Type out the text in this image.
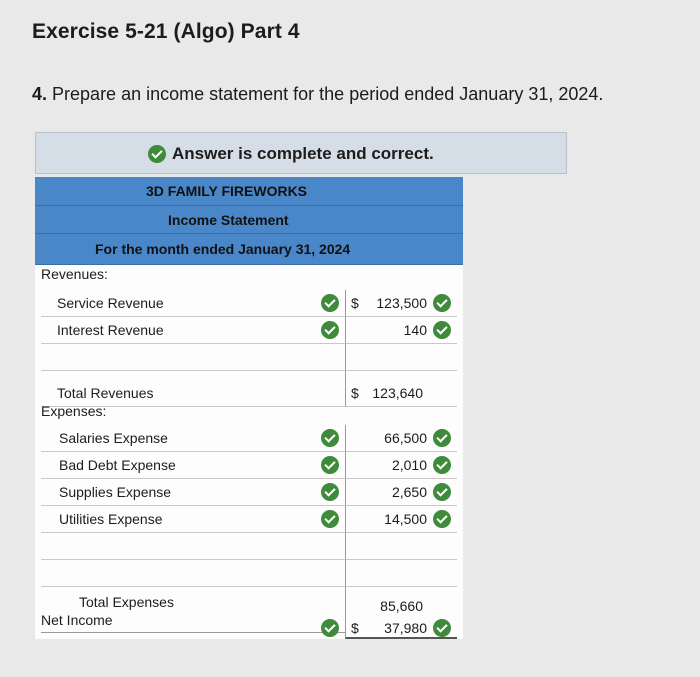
Exercise 5-21 (Algo) Part 4
4. Prepare an income statement for the period ended January 31, 2024.
Answer is complete and correct.
3D FAMILY FIREWORKS
Income Statement
For the month ended January 31, 2024
Revenues:
Service Revenue	$ 123,500
Interest Revenue	140
Total Revenues	$ 123,640
Expenses:
Salaries Expense	66,500
Bad Debt Expense	2,010
Supplies Expense	2,650
Utilities Expense	14,500
Total Expenses	85,660
Net Income	$ 37,980
